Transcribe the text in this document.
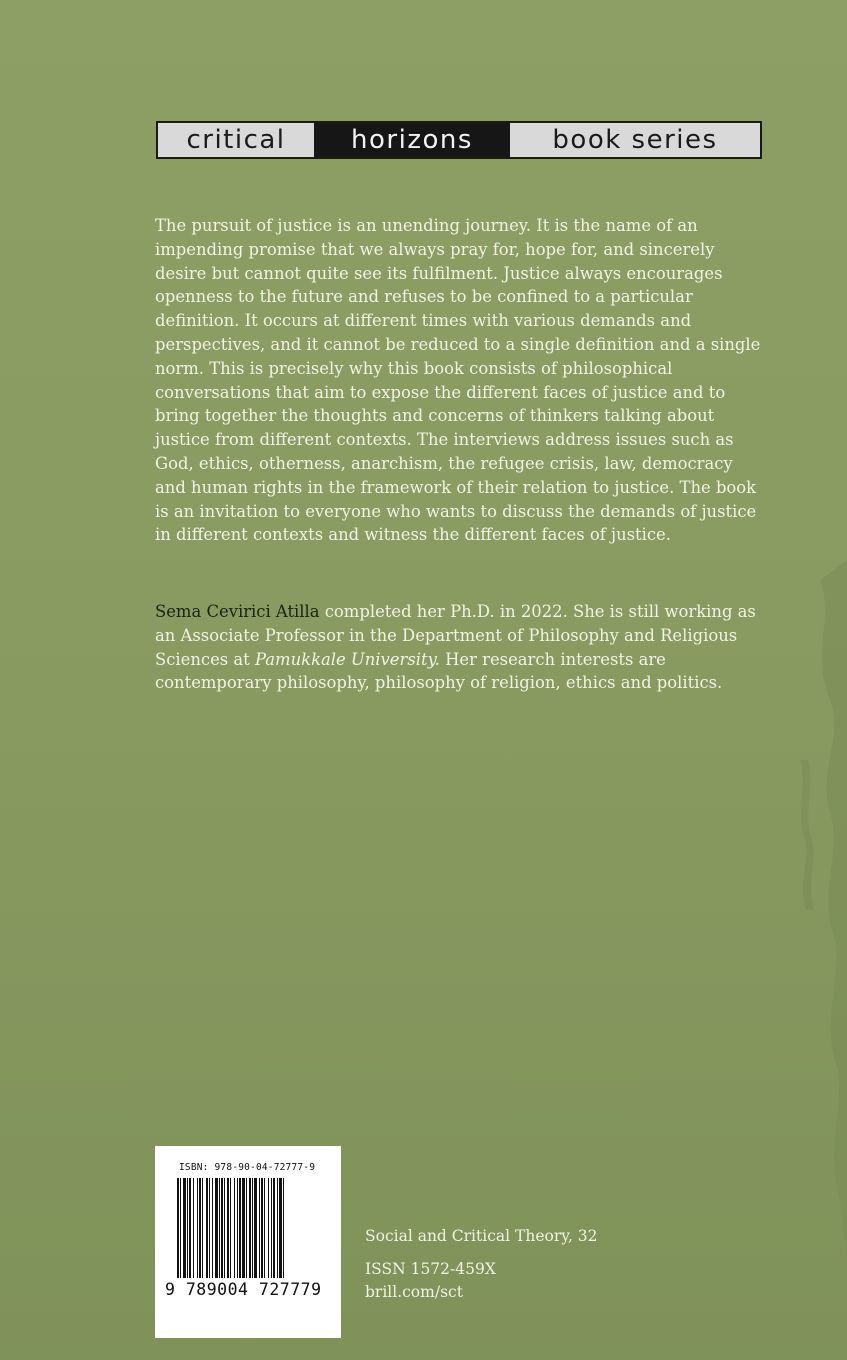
critical	horizons	book series

The pursuit of justice is an unending journey. It is the name of an impending promise that we always pray for, hope for, and sincerely desire but cannot quite see its fulfilment. Justice always encourages openness to the future and refuses to be confined to a particular definition. It occurs at different times with various demands and perspectives, and it cannot be reduced to a single definition and a single norm. This is precisely why this book consists of philosophical conversations that aim to expose the different faces of justice and to bring together the thoughts and concerns of thinkers talking about justice from different contexts. The interviews address issues such as God, ethics, otherness, anarchism, the refugee crisis, law, democracy and human rights in the framework of their relation to justice. The book is an invitation to everyone who wants to discuss the demands of justice in different contexts and witness the different faces of justice.

Sema Cevirici Atilla completed her Ph.D. in 2022. She is still working as an Associate Professor in the Department of Philosophy and Religious Sciences at Pamukkale University. Her research interests are contemporary philosophy, philosophy of religion, ethics and politics.

ISBN: 978-90-04-72777-9
9 789004 727779
Social and Critical Theory, 32
ISSN 1572-459X
brill.com/sct
